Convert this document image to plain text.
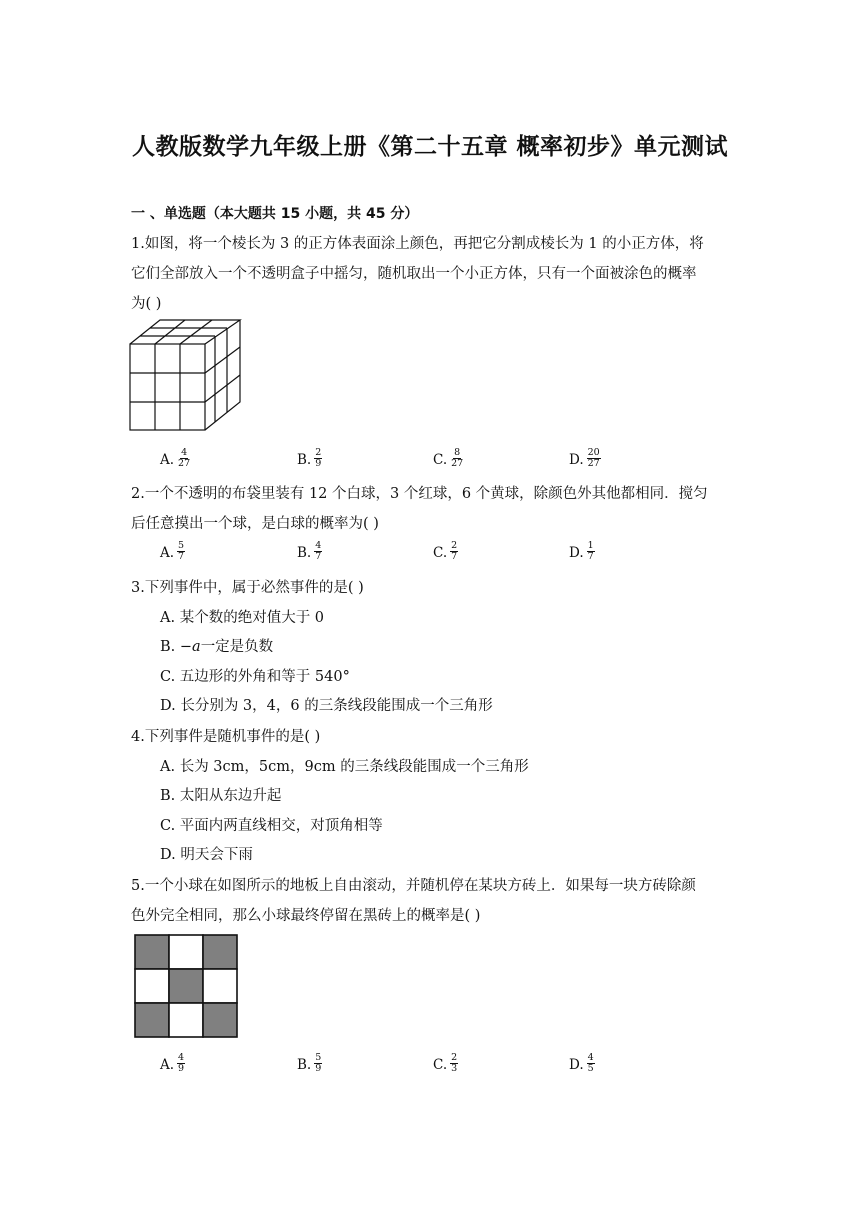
人教版数学九年级上册《第二十五章 概率初步》单元测试
一 、单选题（本大题共 15 小题，共 45 分）
1.如图，将一个棱长为 3 的正方体表面涂上颜色，再把它分割成棱长为 1 的小正方体，将
它们全部放入一个不透明盒子中摇匀，随机取出一个小正方体，只有一个面被涂色的概率
为( )
A. $\frac{4}{27}$	B. $\frac{2}{9}$	C. $\frac{8}{27}$	D. $\frac{20}{27}$
2.一个不透明的布袋里装有 12 个白球，3 个红球，6 个黄球，除颜色外其他都相同．搅匀
后任意摸出一个球，是白球的概率为( )
A. $\frac{5}{7}$	B. $\frac{4}{7}$	C. $\frac{2}{7}$	D. $\frac{1}{7}$
3.下列事件中，属于必然事件的是( )
A. 某个数的绝对值大于 0
B. −a一定是负数
C. 五边形的外角和等于 540°
D. 长分别为 3，4，6 的三条线段能围成一个三角形
4.下列事件是随机事件的是( )
A. 长为 3cm，5cm，9cm 的三条线段能围成一个三角形
B. 太阳从东边升起
C. 平面内两直线相交，对顶角相等
D. 明天会下雨
5.一个小球在如图所示的地板上自由滚动，并随机停在某块方砖上．如果每一块方砖除颜
色外完全相同，那么小球最终停留在黑砖上的概率是( )
A. $\frac{4}{9}$	B. $\frac{5}{9}$	C. $\frac{2}{3}$	D. $\frac{4}{5}$
